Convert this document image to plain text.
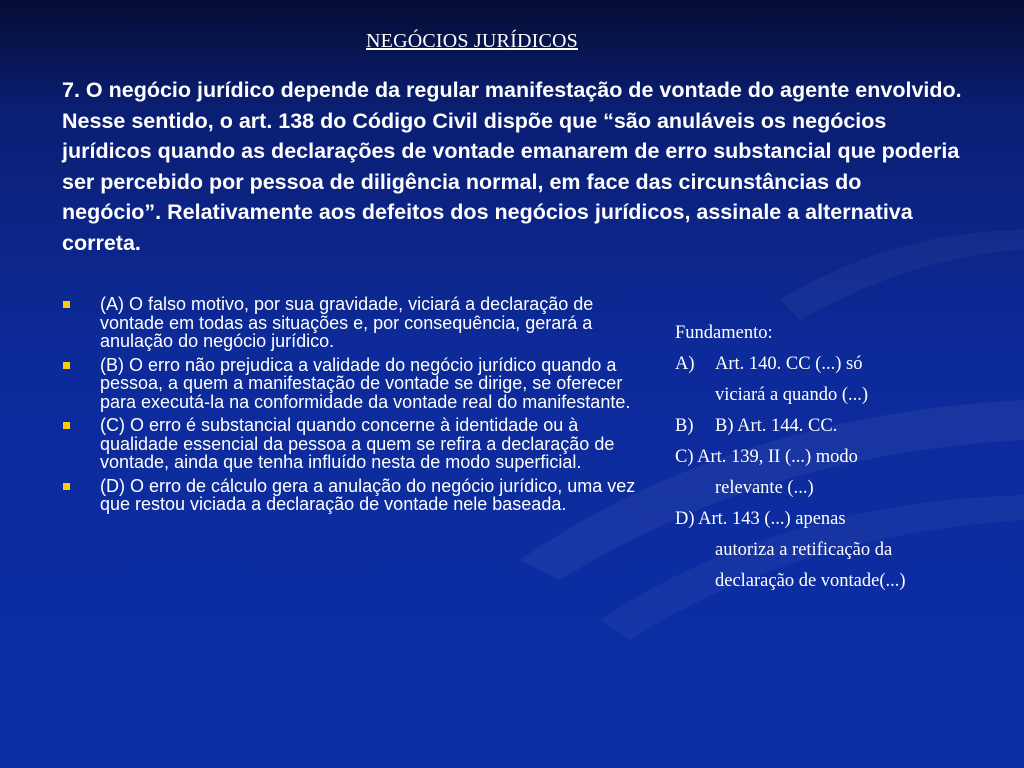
NEGÓCIOS JURÍDICOS

7. O negócio jurídico depende da regular manifestação de vontade do agente envolvido. Nesse sentido, o art. 138 do Código Civil dispõe que “são anuláveis os negócios jurídicos quando as declarações de vontade emanarem de erro substancial que poderia ser percebido por pessoa de diligência normal, em face das circunstâncias do negócio”. Relativamente aos defeitos dos negócios jurídicos, assinale a alternativa correta.

(A) O falso motivo, por sua gravidade, viciará a declaração de vontade em todas as situações e, por consequência, gerará a anulação do negócio jurídico.
(B) O erro não prejudica a validade do negócio jurídico quando a pessoa, a quem a manifestação de vontade se dirige, se oferecer para executá-la na conformidade da vontade real do manifestante.
(C) O erro é substancial quando concerne à identidade ou à qualidade essencial da pessoa a quem se refira a declaração de vontade, ainda que tenha influído nesta de modo superficial.
(D) O erro de cálculo gera a anulação do negócio jurídico, uma vez que restou viciada a declaração de vontade nele baseada.
Fundamento:
A)	Art. 140. CC (...) só
viciará a quando (...)
B)	B) Art. 144. CC.
C) Art. 139, II (...) modo
relevante (...)
D) Art. 143 (...) apenas
autoriza a retificação da
declaração de vontade(...)
